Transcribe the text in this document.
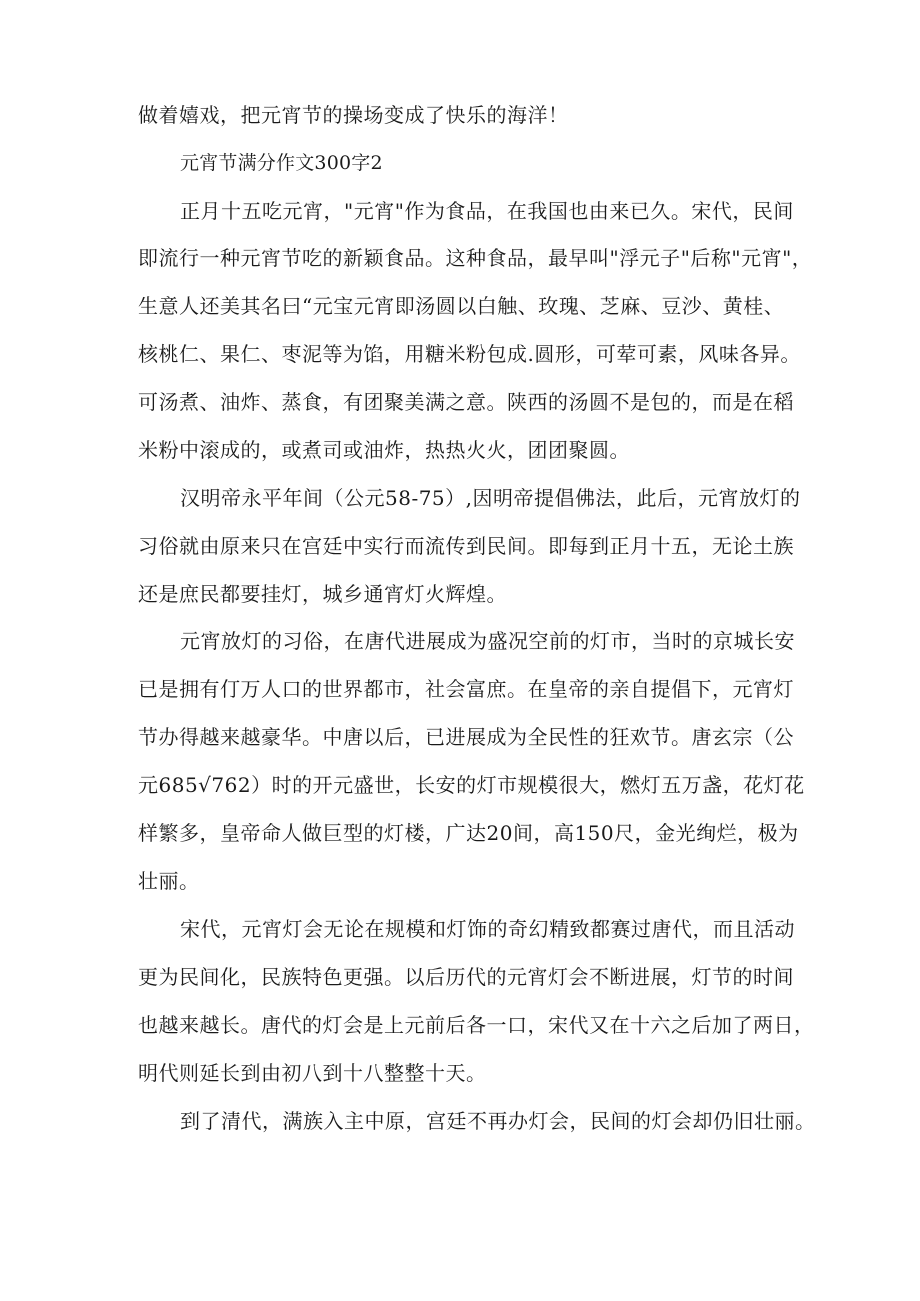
做着嬉戏，把元宵节的操场变成了快乐的海洋！
元宵节满分作文300字2
正月十五吃元宵，"元宵"作为食品，在我国也由来已久。宋代，民间
即流行一种元宵节吃的新颖食品。这种食品，最早叫"浮元子"后称"元宵"，
生意人还美其名曰“元宝元宵即汤圆以白触、玫瑰、芝麻、豆沙、黄桂、
核桃仁、果仁、枣泥等为馅，用糖米粉包成.圆形，可荤可素，风味各异。
可汤煮、油炸、蒸食，有团聚美满之意。陕西的汤圆不是包的，而是在稻
米粉中滚成的，或煮司或油炸，热热火火，团团聚圆。
汉明帝永平年间（公元58-75）,因明帝提倡佛法，此后，元宵放灯的
习俗就由原来只在宫廷中实行而流传到民间。即每到正月十五，无论土族
还是庶民都要挂灯，城乡通宵灯火辉煌。
元宵放灯的习俗，在唐代进展成为盛况空前的灯市，当时的京城长安
已是拥有仃万人口的世界都市，社会富庶。在皇帝的亲自提倡下，元宵灯
节办得越来越豪华。中唐以后，已进展成为全民性的狂欢节。唐玄宗（公
元685√762）时的开元盛世，长安的灯市规模很大，燃灯五万盏，花灯花
样繁多，皇帝命人做巨型的灯楼，广达20间，高150尺，金光绚烂，极为
壮丽。
宋代，元宵灯会无论在规模和灯饰的奇幻精致都赛过唐代，而且活动
更为民间化，民族特色更强。以后历代的元宵灯会不断进展，灯节的时间
也越来越长。唐代的灯会是上元前后各一口，宋代又在十六之后加了两日，
明代则延长到由初八到十八整整十天。
到了清代，满族入主中原，宫廷不再办灯会，民间的灯会却仍旧壮丽。
